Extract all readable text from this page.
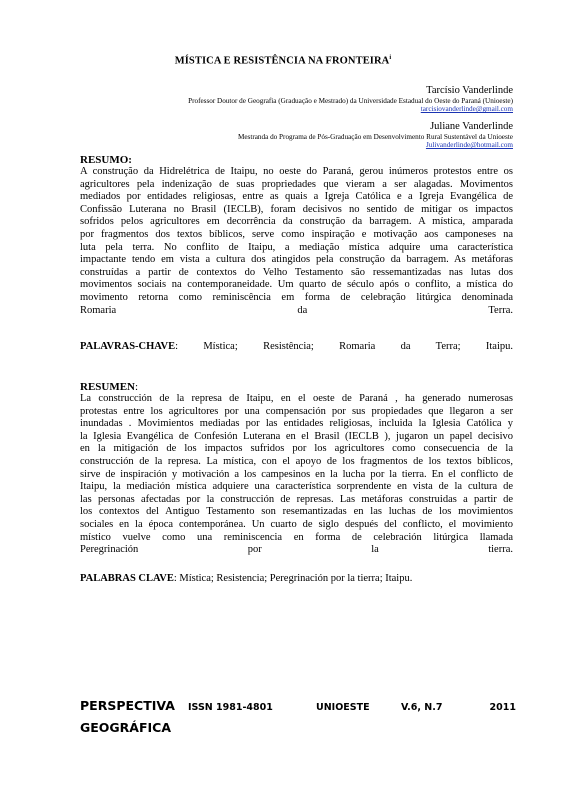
MÍSTICA E RESISTÊNCIA NA FRONTEIRA$^i$
Tarcísio Vanderlinde
Professor Doutor de Geografia (Graduação e Mestrado) da Universidade Estadual do Oeste do Paraná (Unioeste)
tarcisiovanderlinde@gmail.com
Juliane Vanderlinde
Mestranda do Programa de Pós-Graduação em Desenvolvimento Rural Sustentável da Unioeste
Julivanderlinde@hotmail.com
RESUMO:
A construção da Hidrelétrica de Itaipu, no oeste do Paraná, gerou inúmeros protestos entre os
agricultores pela indenização de suas propriedades que vieram a ser alagadas. Movimentos
mediados por entidades religiosas, entre as quais a Igreja Católica e a Igreja Evangélica de
Confissão Luterana no Brasil (IECLB), foram decisivos no sentido de mitigar os impactos
sofridos pelos agricultores em decorrência da construção da barragem. A mística, amparada
por fragmentos dos textos bíblicos, serve como inspiração e motivação aos camponeses na
luta pela terra. No conflito de Itaipu, a mediação mística adquire uma característica
impactante tendo em vista a cultura dos atingidos pela construção da barragem. As metáforas
construídas a partir de contextos do Velho Testamento são ressemantizadas nas lutas dos
movimentos sociais na contemporaneidade. Um quarto de século após o conflito, a mística do
movimento retorna como reminiscência em forma de celebração litúrgica denominada
Romaria da Terra.
PALAVRAS-CHAVE : Mística; Resistência; Romaria da Terra; Itaipu.
RESUMEN:
La construcción de la represa de Itaipu, en el oeste de Paraná , ha generado numerosas
protestas entre los agricultores por una compensación por sus propiedades que llegaron a ser
inundadas . Movimientos mediadas por las entidades religiosas, incluida la Iglesia Católica y
la Iglesia Evangélica de Confesión Luterana en el Brasil (IECLB ), jugaron un papel decisivo
en la mitigación de los impactos sufridos por los agricultores como consecuencia de la
construcción de la represa. La mística, con el apoyo de los fragmentos de los textos bíblicos,
sirve de inspiración y motivación a los campesinos en la lucha por la tierra. En el conflicto de
Itaipu, la mediación mística adquiere una característica sorprendente en vista de la cultura de
las personas afectadas por la construcción de represas. Las metáforas construidas a partir de
los contextos del Antiguo Testamento son resemantizadas en las luchas de los movimientos
sociales en la época contemporánea. Un cuarto de siglo después del conflicto, el movimiento
místico vuelve como una reminiscencia en forma de celebración litúrgica llamada
Peregrinación por la tierra.
PALABRAS CLAVE: Mística; Resistencia; Peregrinación por la tierra; Itaipu.
PERSPECTIVA	ISSN 1981-4801	UNIOESTE	V.6, N.7	2011
GEOGRÁFICA
